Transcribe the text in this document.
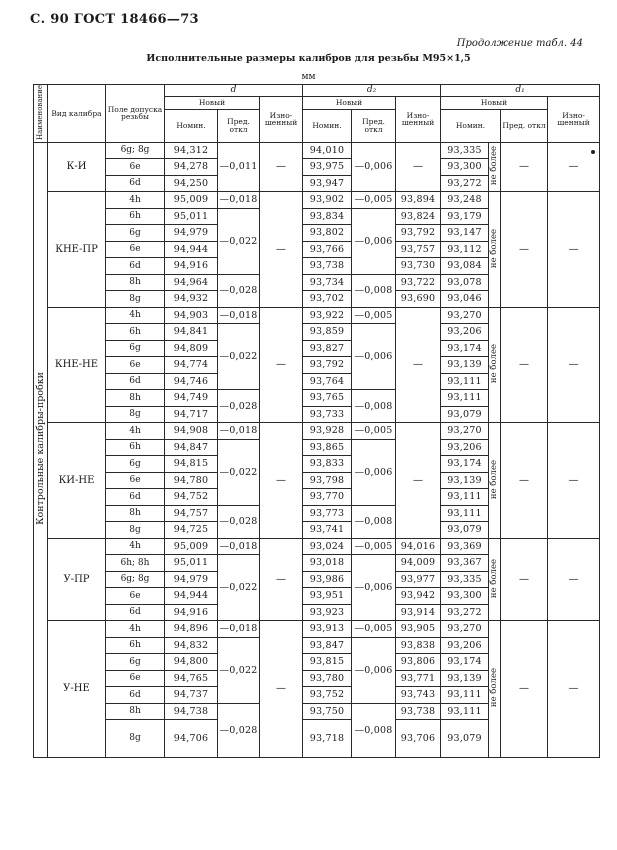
С. 90 ГОСТ 18466—73
Продолжение табл. 44
Исполнительные размеры калибров для резьбы М95×1,5
мм
Наименование	Вид калибра	Поле допуска резьбы	d			d₂			d₁			
			Новый		Изно-шенный	Новый		Изно-шенный	Новый			Изно-шенный
			Номин.	Пред. откл		Номин.	Пред. откл		Номин.		Пред. откл	
Контрольные калибры-пробки	К-И	6g; 8g	94,312	—0,011	—	94,010	—0,006	—	93,335	не более	—	—
		6e	94,278			93,975			93,300			
		6d	94,250			93,947			93,272			
	КНЕ-ПР	4h	95,009	—0,018	—	93,902	—0,005	93,894	93,248	не более	—	—
		6h	95,011	—0,022		93,834	—0,006	93,824	93,179			
		6g	94,979			93,802		93,792	93,147			
		6e	94,944			93,766		93,757	93,112			
		6d	94,916			93,738		93,730	93,084			
		8h	94,964	—0,028		93,734	—0,008	93,722	93,078			
		8g	94,932			93,702		93,690	93,046			
	КНЕ-НЕ	4h	94,903	—0,018	—	93,922	—0,005	—	93,270	не более	—	—
		6h	94,841	—0,022		93,859	—0,006		93,206			
		6g	94,809			93,827			93,174			
		6e	94,774			93,792			93,139			
		6d	94,746			93,764			93,111			
		8h	94,749	—0,028		93,765	—0,008		93,111			
		8g	94,717			93,733			93,079			
	КИ-НЕ	4h	94,908	—0,018	—	93,928	—0,005	—	93,270	не более	—	—
		6h	94,847	—0,022		93,865	—0,006		93,206			
		6g	94,815			93,833			93,174			
		6e	94,780			93,798			93,139			
		6d	94,752			93,770			93,111			
		8h	94,757	—0,028		93,773	—0,008		93,111			
		8g	94,725			93,741			93,079			
	У-ПР	4h	95,009	—0,018	—	93,024	—0,005	94,016	93,369	не более	—	—
		6h; 8h	95,011	—0,022		93,018	—0,006	94,009	93,367			
		6g; 8g	94,979			93,986		93,977	93,335			
		6e	94,944			93,951		93,942	93,300			
		6d	94,916			93,923		93,914	93,272			
	У-НЕ	4h	94,896	—0,018	—	93,913	—0,005	93,905	93,270	не более	—	—
		6h	94,832	—0,022		93,847	—0,006	93,838	93,206			
		6g	94,800			93,815		93,806	93,174			
		6e	94,765			93,780		93,771	93,139			
		6d	94,737			93,752		93,743	93,111			
		8h	94,738	—0,028		93,750	—0,008	93,738	93,111			
		8g	94,706			93,718		93,706	93,079			
